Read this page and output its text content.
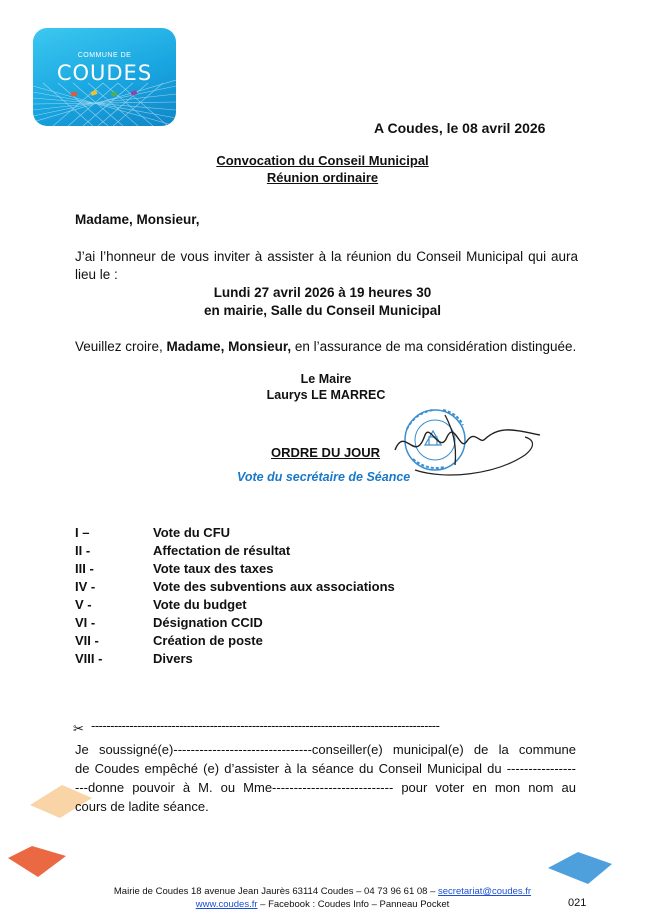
COMMUNE DE
COUDES
A Coudes, le 08 avril 2026
Convocation du Conseil Municipal
Réunion ordinaire
Madame, Monsieur,
J’ai l’honneur de vous inviter à assister à la réunion du Conseil Municipal qui aura lieu le :
Lundi 27 avril 2026 à 19 heures 30
en mairie, Salle du Conseil Municipal
Veuillez croire, Madame, Monsieur, en l’assurance de ma considération distinguée.
Le Maire
Laurys LE MARREC
ORDRE DU JOUR
Vote du secrétaire de Séance
I –	Vote du CFU
II -	Affectation de résultat
III -	Vote taux des taxes
IV -	Vote des subventions aux associations
V -	Vote du budget
VI -	Désignation CCID
VII -	Création de poste
VIII -	Divers
✂ -------------------------------------------------------------------------------------------

Je soussigné(e)--------------------------------conseiller(e) municipal(e) de la commune

de Coudes empêché (e) d’assister à la séance du Conseil Municipal du ----------------

---donne pouvoir à M. ou Mme---------------------------- pour voter en mon nom au

cours de ladite séance.

Mairie de Coudes 18 avenue Jean Jaurès 63114 Coudes – 04 73 96 61 08 – secretariat@coudes.fr
www.coudes.fr – Facebook : Coudes Info – Panneau Pocket	021
